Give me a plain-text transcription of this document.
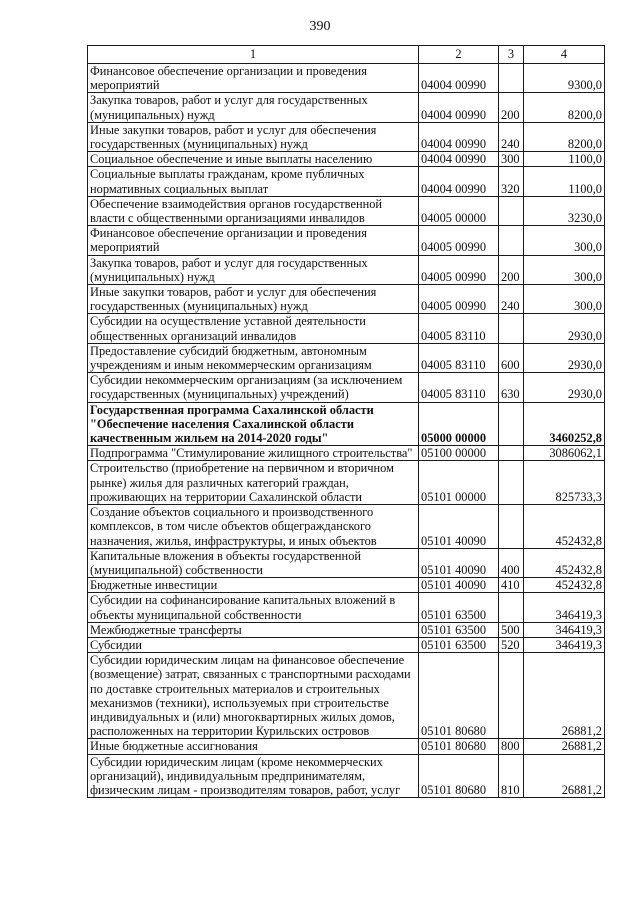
390
1	2	3	4
Финансовое обеспечение организации и проведения мероприятий	04004 00990		9300,0
Закупка товаров, работ и услуг для государственных (муниципальных) нужд	04004 00990	200	8200,0
Иные закупки товаров, работ и услуг для обеспечения государственных (муниципальных) нужд	04004 00990	240	8200,0
Социальное обеспечение и иные выплаты населению	04004 00990	300	1100,0
Социальные выплаты гражданам, кроме публичных нормативных социальных выплат	04004 00990	320	1100,0
Обеспечение взаимодействия органов государственной власти с общественными организациями инвалидов	04005 00000		3230,0
Финансовое обеспечение организации и проведения мероприятий	04005 00990		300,0
Закупка товаров, работ и услуг для государственных (муниципальных) нужд	04005 00990	200	300,0
Иные закупки товаров, работ и услуг для обеспечения государственных (муниципальных) нужд	04005 00990	240	300,0
Субсидии на осуществление уставной деятельности общественных организаций инвалидов	04005 83110		2930,0
Предоставление субсидий бюджетным, автономным учреждениям и иным некоммерческим организациям	04005 83110	600	2930,0
Субсидии некоммерческим организациям (за исключением государственных (муниципальных) учреждений)	04005 83110	630	2930,0
Государственная программа Сахалинской области "Обеспечение населения Сахалинской области качественным жильем на 2014-2020 годы"	05000 00000		3460252,8
Подпрограмма "Стимулирование жилищного строительства"	05100 00000		3086062,1
Строительство (приобретение на первичном и вторичном рынке) жилья для различных категорий граждан, проживающих на территории Сахалинской области	05101 00000		825733,3
Создание объектов социального и производственного комплексов, в том числе объектов общегражданского назначения, жилья, инфраструктуры, и иных объектов	05101 40090		452432,8
Капитальные вложения в объекты государственной (муниципальной) собственности	05101 40090	400	452432,8
Бюджетные инвестиции	05101 40090	410	452432,8
Субсидии на софинансирование капитальных вложений в объекты муниципальной собственности	05101 63500		346419,3
Межбюджетные трансферты	05101 63500	500	346419,3
Субсидии	05101 63500	520	346419,3
Субсидии юридическим лицам на финансовое обеспечение (возмещение) затрат, связанных с транспортными расходами по доставке строительных материалов и строительных механизмов (техники), используемых при строительстве индивидуальных и (или) многоквартирных жилых домов, расположенных на территории Курильских островов	05101 80680		26881,2
Иные бюджетные ассигнования	05101 80680	800	26881,2
Субсидии юридическим лицам (кроме некоммерческих организаций), индивидуальным предпринимателям, физическим лицам - производителям товаров, работ, услуг	05101 80680	810	26881,2
